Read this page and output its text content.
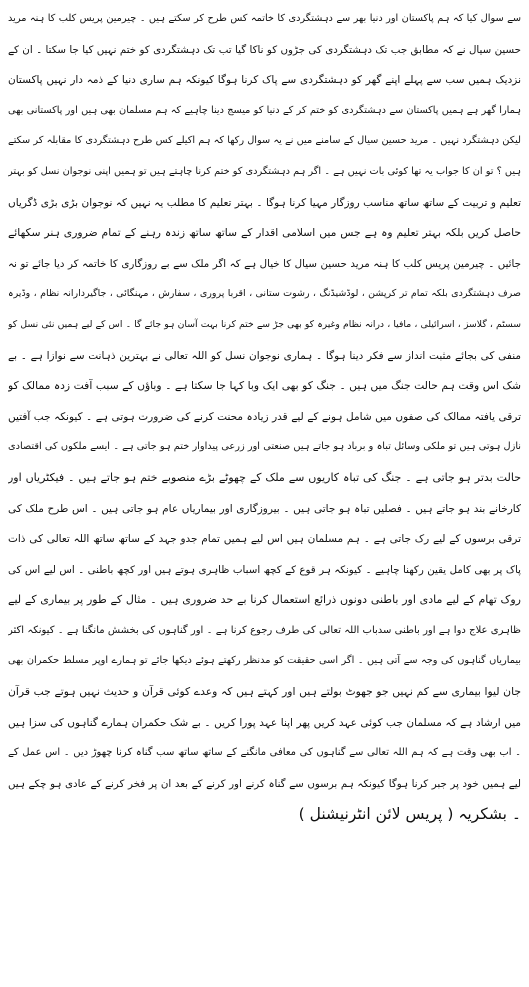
سے سوال کیا کہ ہم پاکستان اور دنیا بھر سے دہشتگردی کا خاتمہ کس طرح کر سکتے ہیں ۔ چیرمین پریس کلب کا ہنہ مرید
حسین سیال نے کہ مطابق جب تک دہشتگردی کی جڑوں کو ناکا گیا تب تک دہشتگردی کو ختم نہیں کیا جا سکتا ۔ ان کے
نزدیک ہمیں سب سے پہلے اپنے گھر کو دہشتگردی سے پاک کرنا ہوگا کیونکہ ہم ساری دنیا کے ذمہ دار نہیں پاکستان
ہمارا گھر ہے ہمیں پاکستان سے دہشتگردی کو ختم کر کے دنیا کو میسج دینا چاہیے کہ ہم مسلمان بھی ہیں اور پاکستانی بھی
لیکن دہشتگرد نہیں ۔ مرید حسین سیال کے سامنے میں نے یہ سوال رکھا کہ ہم اکیلے کس طرح دہشتگردی کا مقابلہ کر سکتے
ہیں ؟ تو ان کا جواب یہ تھا کوئی بات نہیں ہے ۔ اگر ہم دہشتگردی کو ختم کرنا چاہتے ہیں تو ہمیں اپنی نوجوان نسل کو بہتر
تعلیم و تربیت کے ساتھ ساتھ مناسب روزگار مہیا کرنا ہوگا ۔ بہتر تعلیم کا مطلب یہ نہیں کہ نوجوان بڑی بڑی ڈگریاں
حاصل کریں بلکہ بہتر تعلیم وہ ہے جس میں اسلامی اقدار کے ساتھ ساتھ زندہ رہنے کے تمام ضروری ہنر سکھائے
جائیں ۔ چیرمین پریس کلب کا ہنہ مرید حسین سیال کا خیال ہے کہ اگر ملک سے بے روزگاری کا خاتمہ کر دیا جائے تو نہ
صرف دہشتگردی بلکہ تمام تر کرپشن ، لوڈشیڈنگ ، رشوت ستانی ، اقربا پروری ، سفارش ، مہنگائی ، جاگیردارانہ نظام ، وڈیرہ
سسٹم ، گلاسز ، اسرائیلی ، مافیا ، درانہ نظام وغیرہ کو بھی جڑ سے ختم کرنا بہت آسان ہو جائے گا ۔ اس کے لیے ہمیں نئی نسل کو
منفی کی بجائے مثبت انداز سے فکر دینا ہوگا ۔ ہماری نوجوان نسل کو اللہ تعالی نے بہترین ذہانت سے نوازا ہے ۔ بے
شک اس وقت ہم حالت جنگ میں ہیں ۔ جنگ کو بھی ایک وبا کہا جا سکتا ہے ۔ وباؤں کے سبب آفت زدہ ممالک کو
ترقی یافتہ ممالک کی صفوں میں شامل ہونے کے لیے قدر زیادہ محنت کرنے کی ضرورت ہوتی ہے ۔ کیونکہ جب آفتیں
نازل ہوتی ہیں تو ملکی وسائل تباہ و برباد ہو جاتے ہیں صنعتی اور زرعی پیداوار ختم ہو جاتی ہے ۔ ایسے ملکوں کی اقتصادی
حالت بدتر ہو جاتی ہے ۔ جنگ کی تباہ کاریوں سے ملک کے چھوٹے بڑے منصوبے ختم ہو جاتے ہیں ۔ فیکٹریاں اور
کارخانے بند ہو جاتے ہیں ۔ فصلیں تباہ ہو جاتی ہیں ۔ بیروزگاری اور بیماریاں عام ہو جاتی ہیں ۔ اس طرح ملک کی
ترقی برسوں کے لیے رک جاتی ہے ۔ ہم مسلمان ہیں اس لیے ہمیں تمام جدو جہد کے ساتھ ساتھ اللہ تعالی کی ذات
پاک پر بھی کامل یقین رکھنا چاہیے ۔ کیونکہ ہر قوع کے کچھ اسباب ظاہری ہوتے ہیں اور کچھ باطنی ۔ اس لیے اس کی
روک تھام کے لیے مادی اور باطنی دونوں ذرائع استعمال کرنا بے حد ضروری ہیں ۔ مثال کے طور پر بیماری کے لیے
ظاہری علاج دوا ہے اور باطنی سدباب اللہ تعالی کی طرف رجوع کرنا ہے ۔ اور گناہوں کی بخشش مانگنا ہے ۔ کیونکہ اکثر
بیماریاں گناہوں کی وجہ سے آتی ہیں ۔ اگر اسی حقیقت کو مدنظر رکھتے ہوئے دیکھا جائے تو ہمارے اوپر مسلط حکمران بھی
جان لیوا بیماری سے کم نہیں جو جھوٹ بولتے ہیں اور کہتے ہیں کہ وعدے کوئی قرآن و حدیث نہیں ہوتے جب قرآن
میں ارشاد ہے کہ مسلمان جب کوئی عہد کریں پھر اپنا عہد پورا کریں ۔ بے شک حکمران ہمارے گناہوں کی سزا ہیں
۔ اب بھی وقت ہے کہ ہم اللہ تعالی سے گناہوں کی معافی مانگنے کے ساتھ ساتھ سب گناہ کرنا چھوڑ دیں ۔ اس عمل کے
لیے ہمیں خود پر جبر کرنا ہوگا کیونکہ ہم برسوں سے گناہ کرنے اور کرنے کے بعد ان پر فخر کرنے کے عادی ہو چکے ہیں
۔ بشکریہ ( پریس لائن انٹرنیشنل )
